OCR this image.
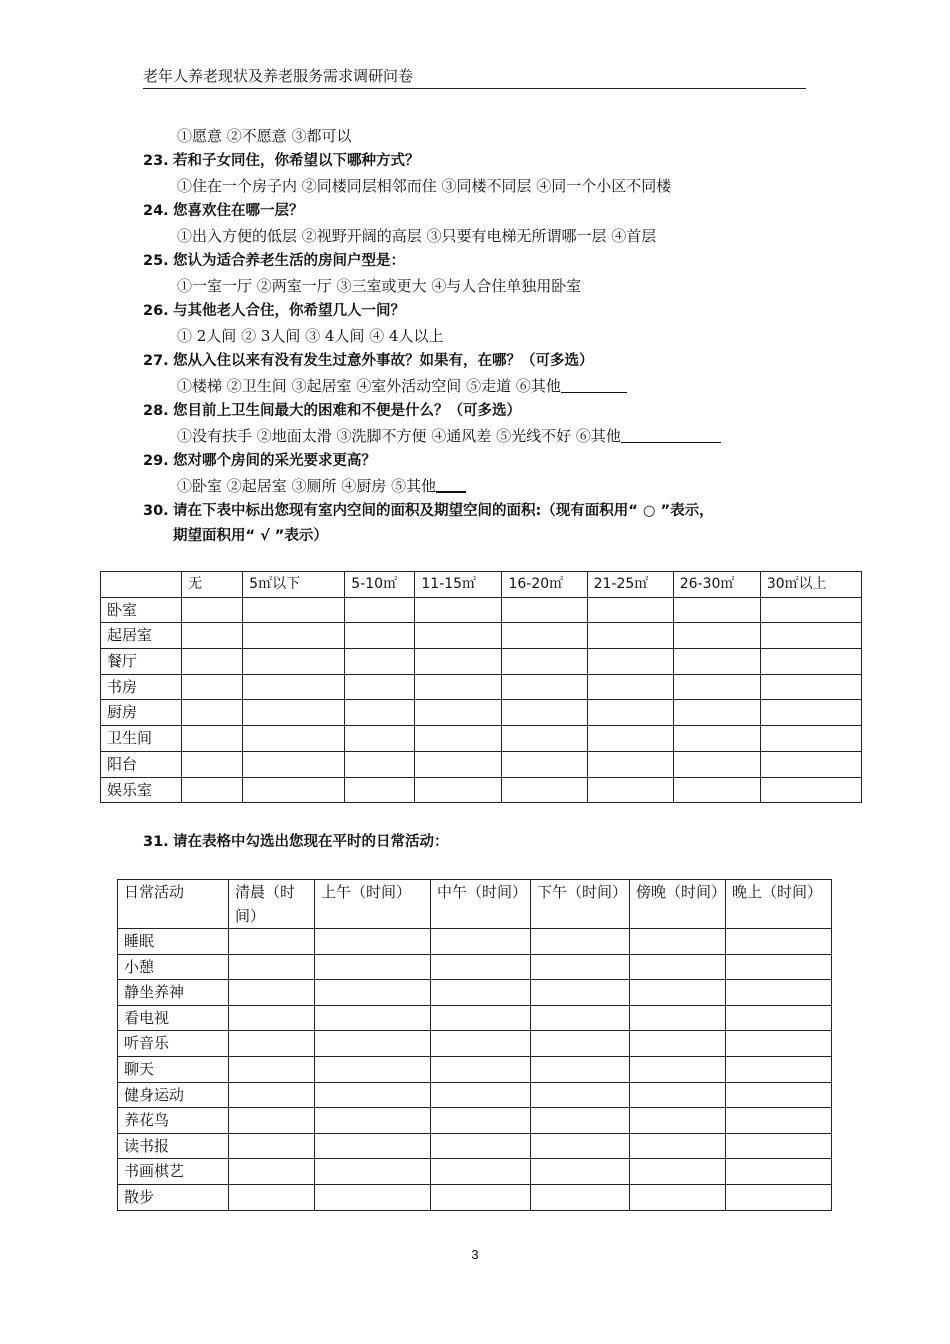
老年人养老现状及养老服务需求调研问卷
①愿意 ②不愿意 ③都可以
23. 若和子女同住，你希望以下哪种方式？
①住在一个房子内 ②同楼同层相邻而住 ③同楼不同层 ④同一个小区不同楼
24. 您喜欢住在哪一层？
①出入方便的低层 ②视野开阔的高层 ③只要有电梯无所谓哪一层 ④首层
25. 您认为适合养老生活的房间户型是：
①一室一厅 ②两室一厅 ③三室或更大 ④与人合住单独用卧室
26. 与其他老人合住，你希望几人一间？
① 2人间 ② 3人间 ③ 4人间 ④ 4人以上
27. 您从入住以来有没有发生过意外事故？如果有，在哪？（可多选）
①楼梯 ②卫生间 ③起居室 ④室外活动空间 ⑤走道 ⑥其他
28. 您目前上卫生间最大的困难和不便是什么？（可多选）
①没有扶手 ②地面太滑 ③洗脚不方便 ④通风差 ⑤光线不好 ⑥其他
29. 您对哪个房间的采光要求更高？
①卧室 ②起居室 ③厕所 ④厨房 ⑤其他
30. 请在下表中标出您现有室内空间的面积及期望空间的面积:（现有面积用“ ○ ”表示，
期望面积用“ √ ”表示）
	无	5㎡以下	5-10㎡	11-15㎡	16-20㎡	21-25㎡	26-30㎡	30㎡以上
卧室								
起居室								
餐厅								
书房								
厨房								
卫生间								
阳台								
娱乐室								
31. 请在表格中勾选出您现在平时的日常活动：
日常活动	清晨（时间）	上午（时间）	中午（时间）	下午（时间）	傍晚（时间）	晚上（时间）
睡眠						
小憩						
静坐养神						
看电视						
听音乐						
聊天						
健身运动						
养花鸟						
读书报						
书画棋艺						
散步						
3
